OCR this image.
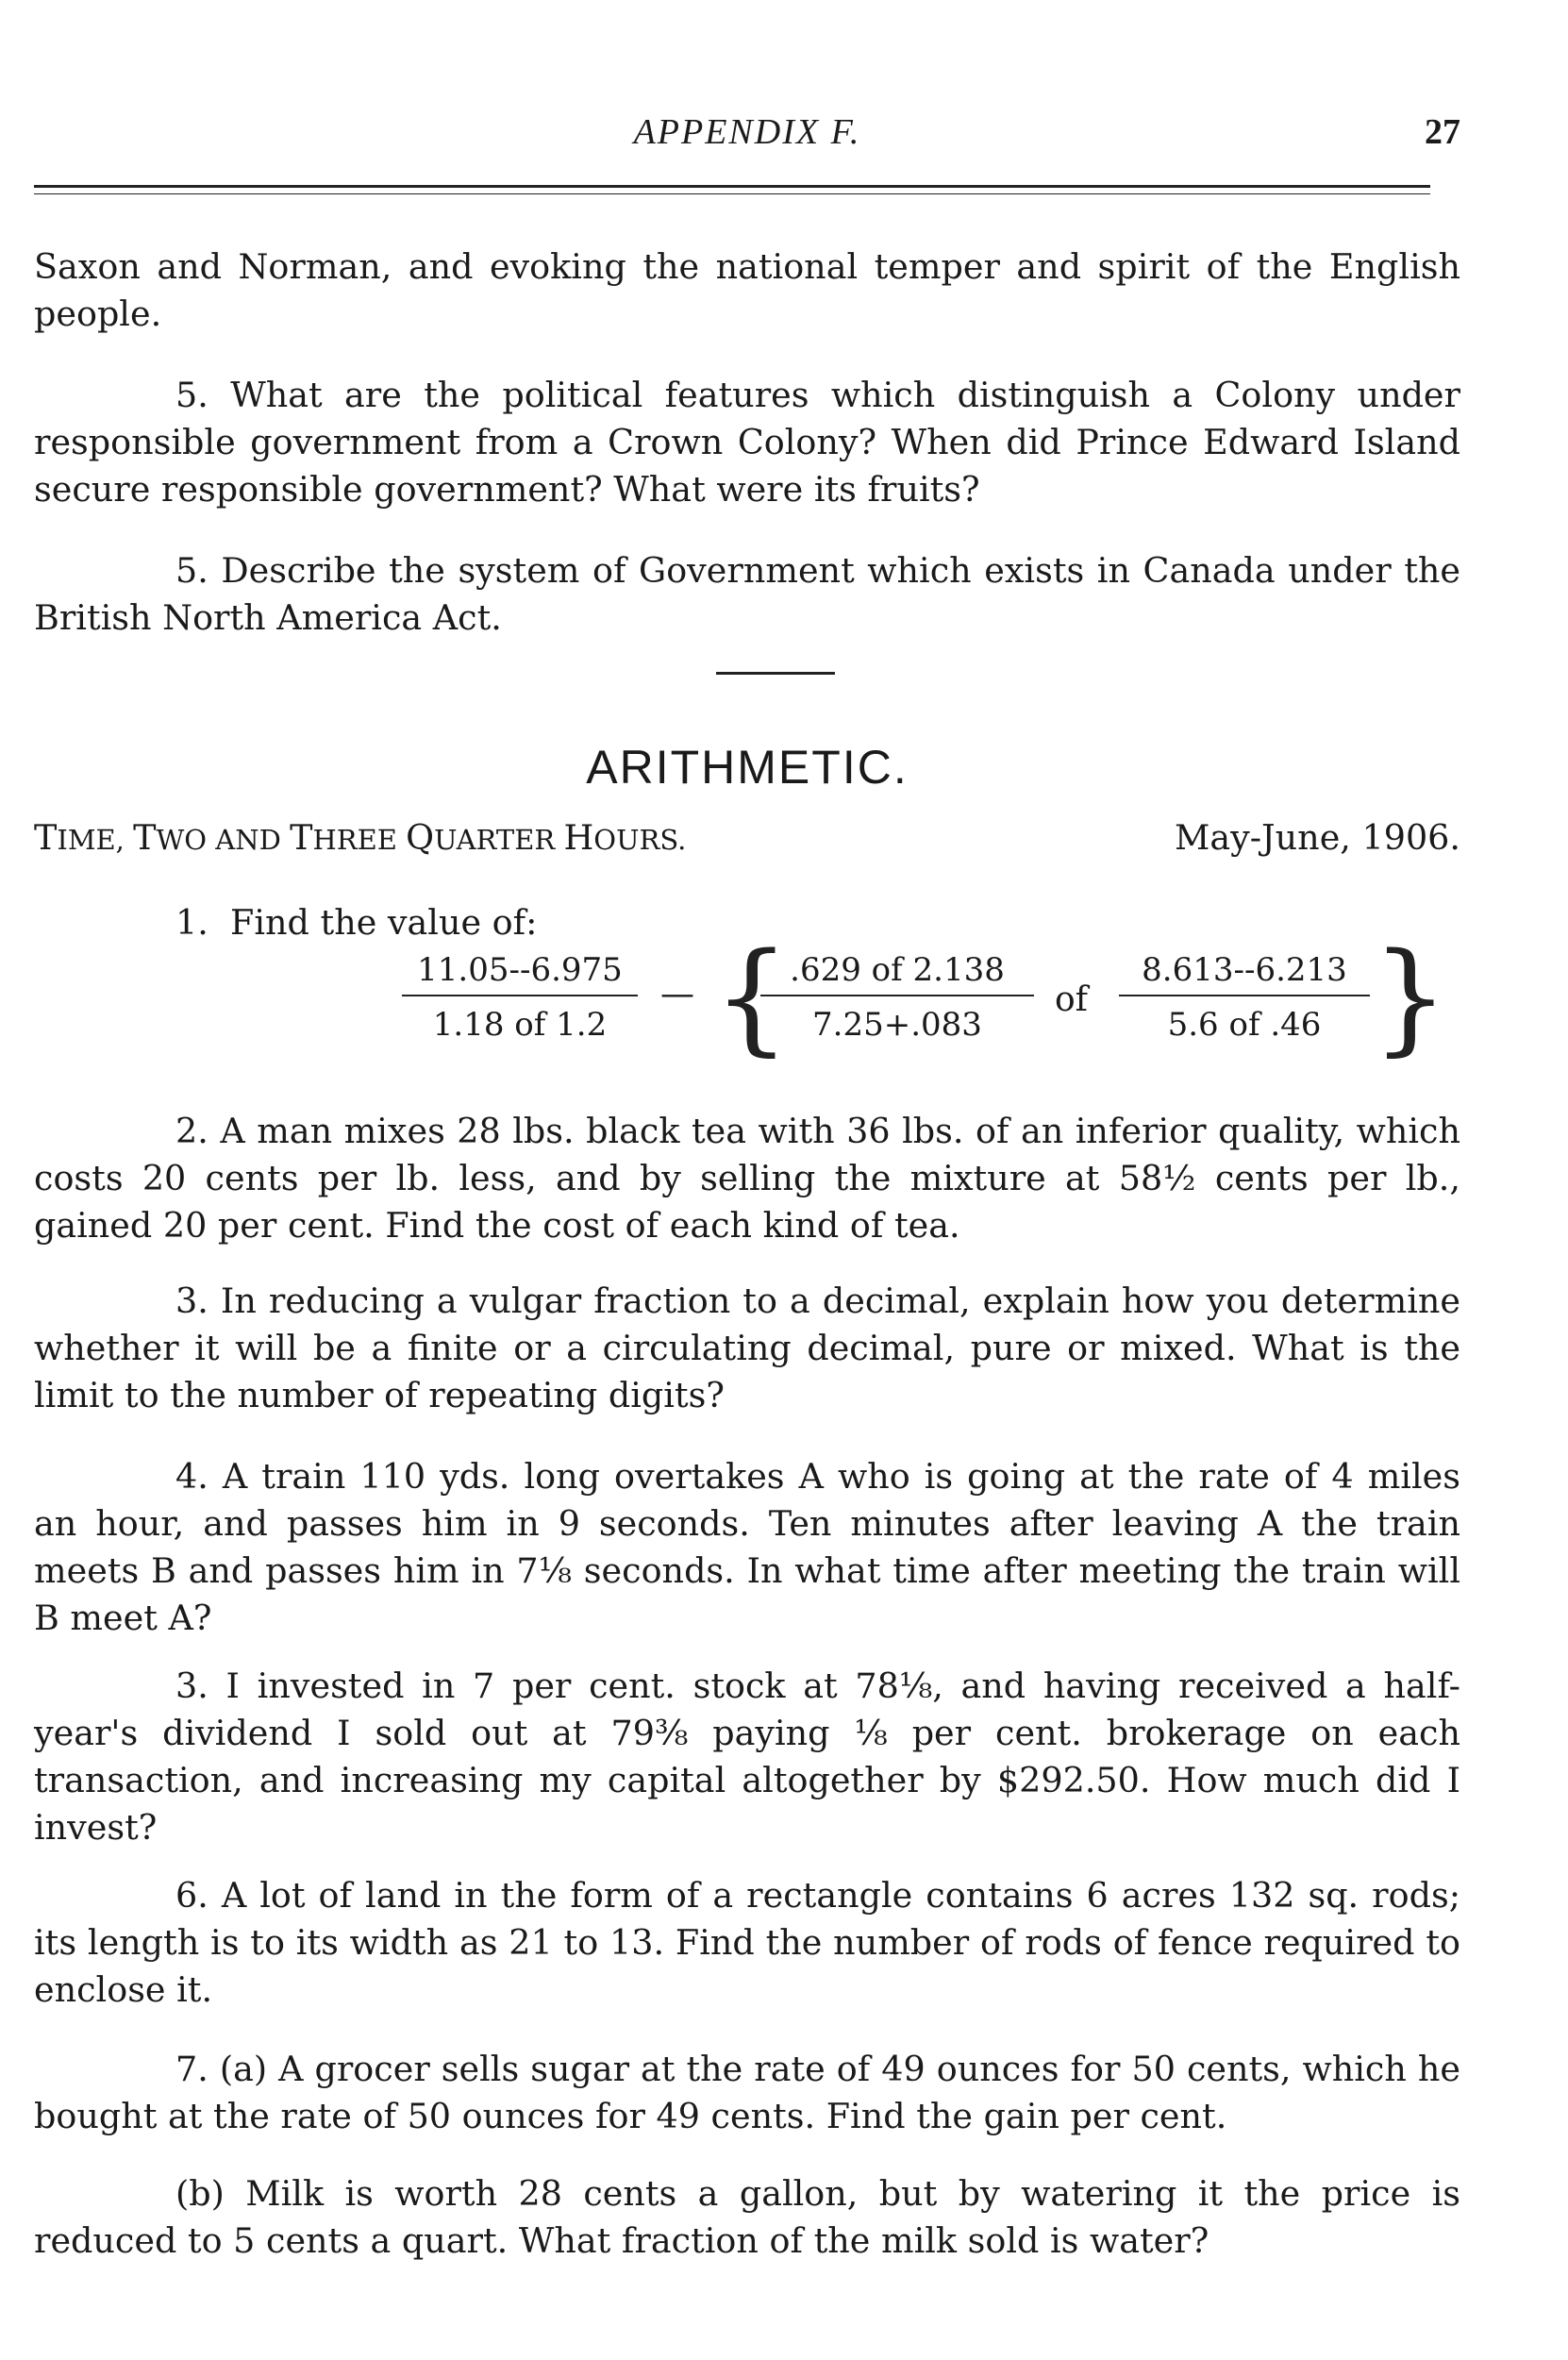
APPENDIX F.	27

Saxon and Norman, and evoking the national temper and spirit of the English people.

5. What are the political features which distinguish a Colony under responsible government from a Crown Colony? When did Prince Edward Island secure responsible government? What were its fruits?

5. Describe the system of Government which exists in Canada under the British North America Act.

ARITHMETIC.
TIME, TWO AND THREE QUARTER HOURS.	May-June, 1906.
1. Find the value of:
11.05--6.975
1.18 of 1.2
— { .629 of 2.138
7.25+.083
of
8.613--6.213
5.6 of .46 }

2. A man mixes 28 lbs. black tea with 36 lbs. of an inferior quality, which costs 20 cents per lb. less, and by selling the mixture at 58½ cents per lb., gained 20 per cent. Find the cost of each kind of tea.

3. In reducing a vulgar fraction to a decimal, explain how you determine whether it will be a finite or a circulating decimal, pure or mixed. What is the limit to the number of repeating digits?

4. A train 110 yds. long overtakes A who is going at the rate of 4 miles an hour, and passes him in 9 seconds. Ten minutes after leaving A the train meets B and passes him in 7⅛ seconds. In what time after meeting the train will B meet A?

3. I invested in 7 per cent. stock at 78⅛, and having received a half-year's dividend I sold out at 79⅜ paying ⅛ per cent. brokerage on each transaction, and increasing my capital altogether by $292.50. How much did I invest?

6. A lot of land in the form of a rectangle contains 6 acres 132 sq. rods; its length is to its width as 21 to 13. Find the number of rods of fence required to enclose it.

7. (a) A grocer sells sugar at the rate of 49 ounces for 50 cents, which he bought at the rate of 50 ounces for 49 cents. Find the gain per cent.

(b) Milk is worth 28 cents a gallon, but by watering it the price is reduced to 5 cents a quart. What fraction of the milk sold is water?
